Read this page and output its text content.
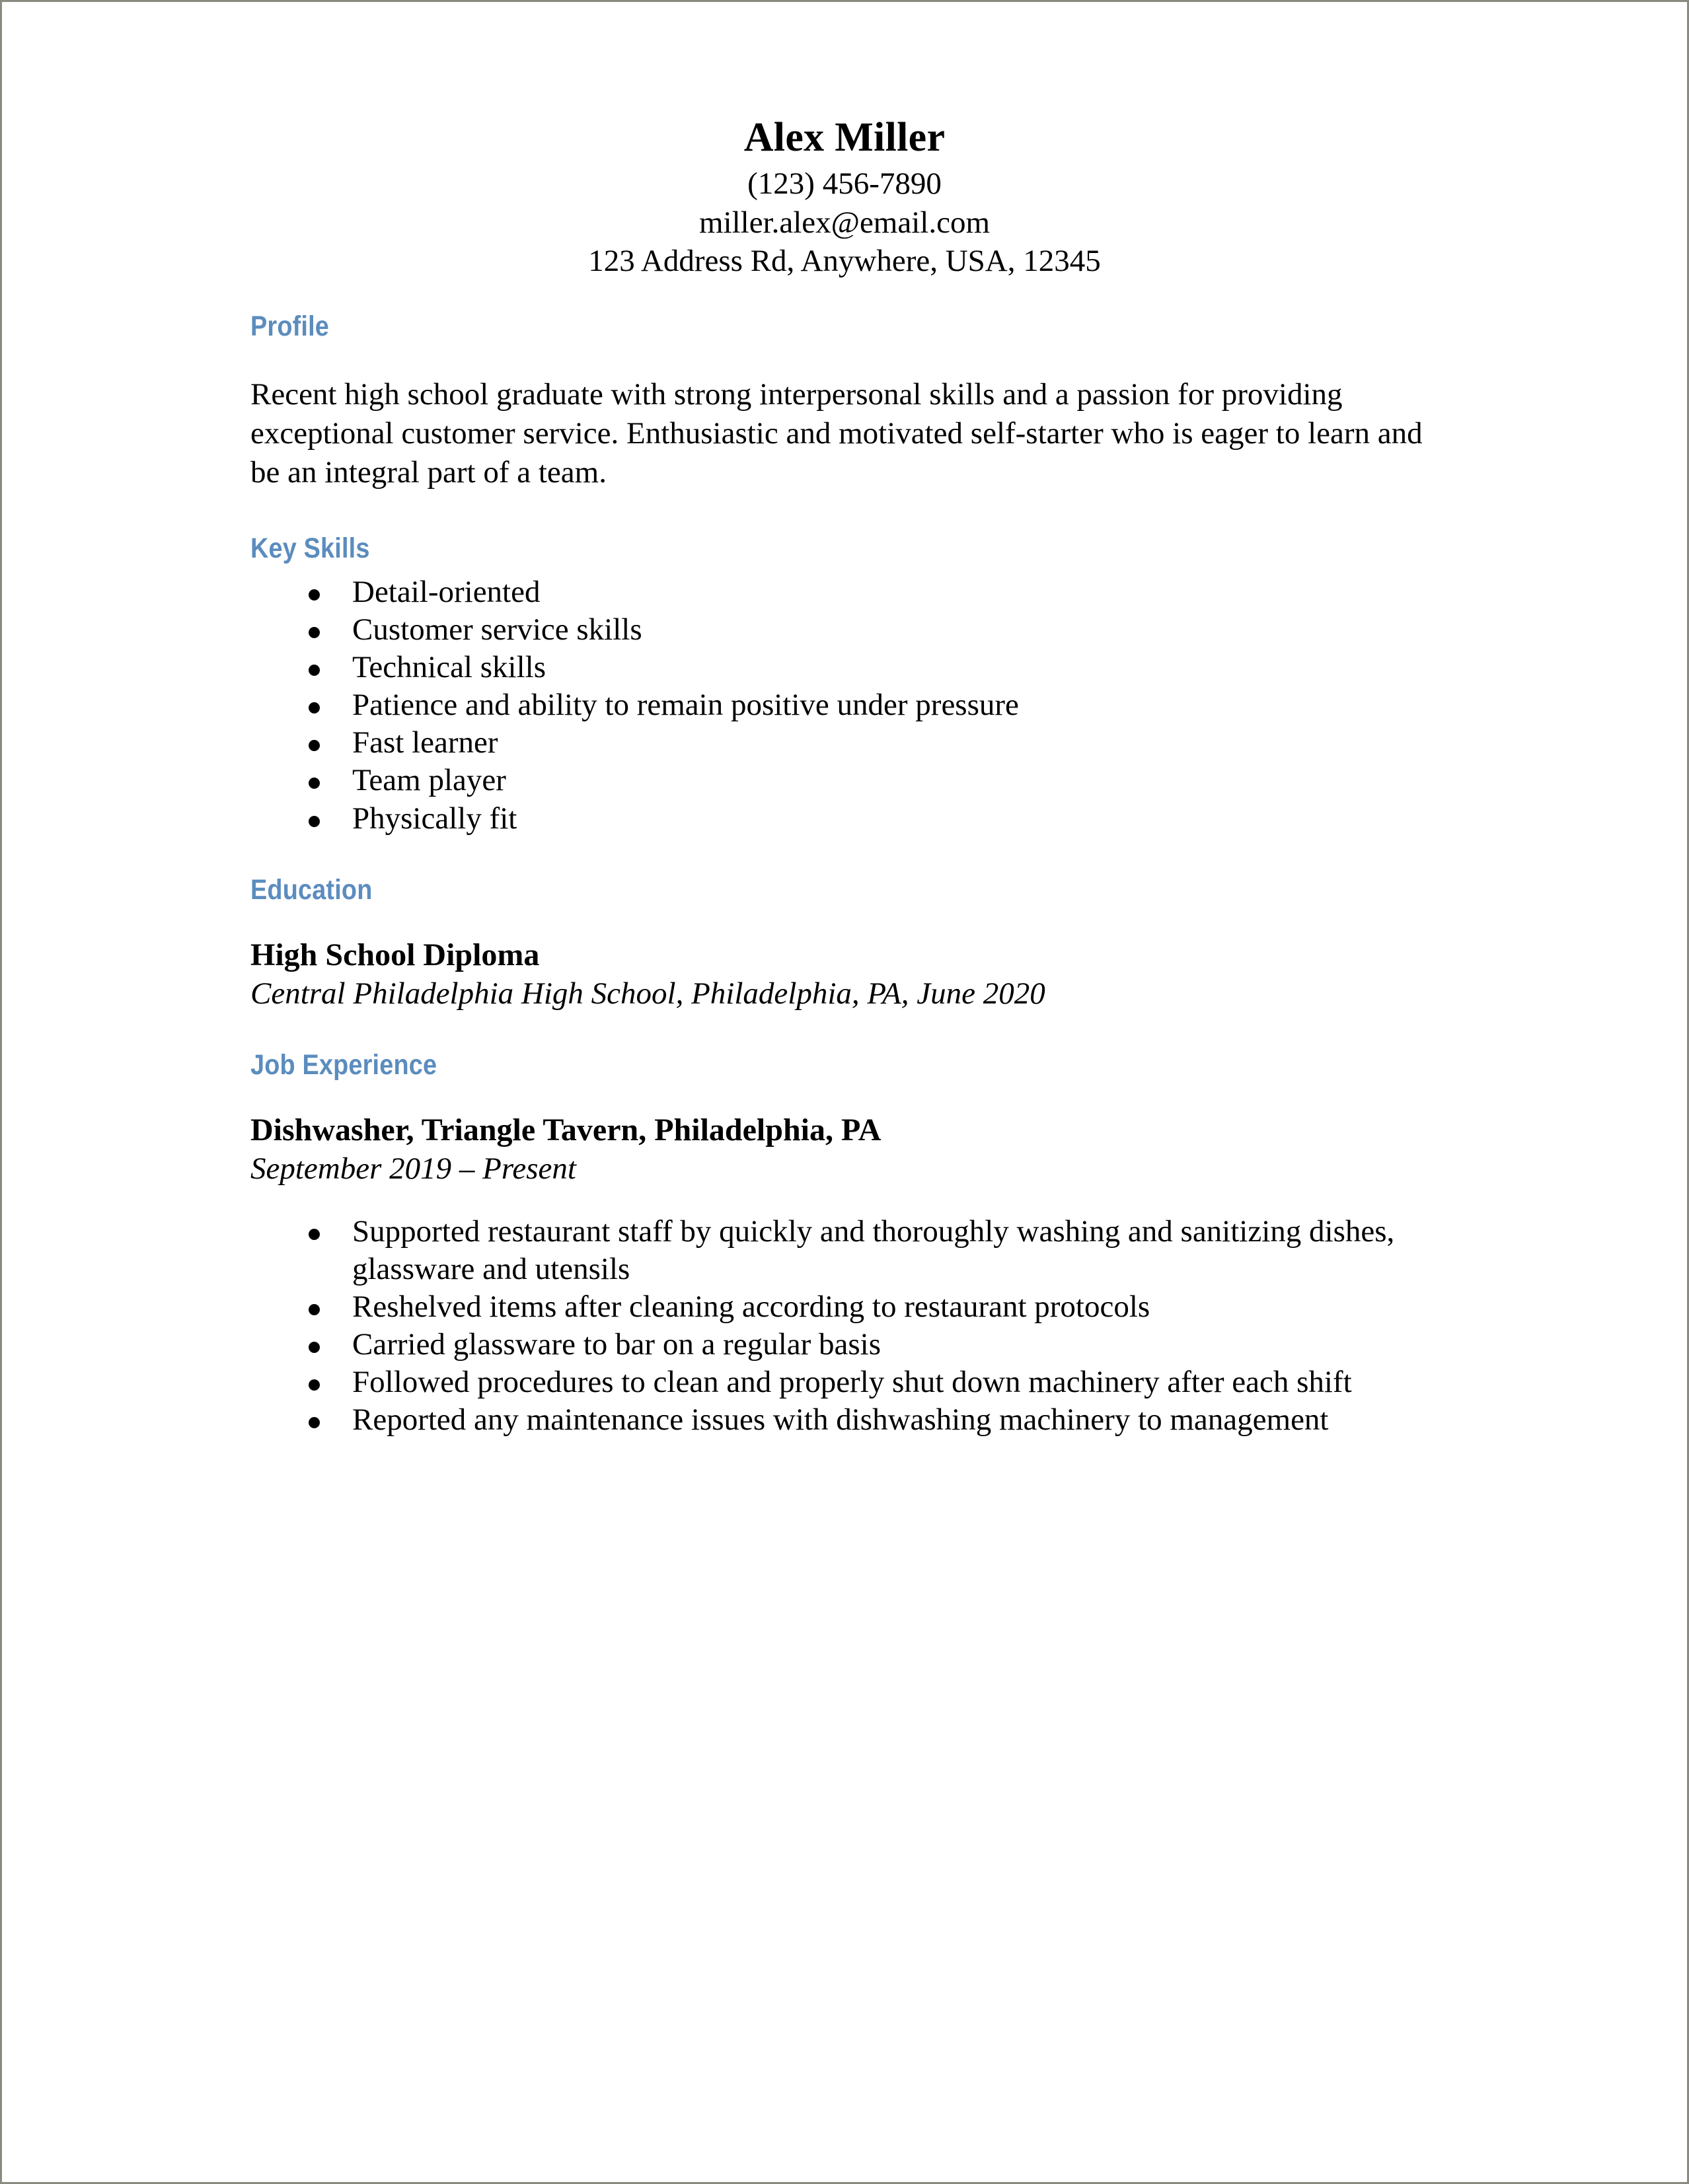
Alex Miller
(123) 456-7890
miller.alex@email.com
123 Address Rd, Anywhere, USA, 12345
Profile

Recent high school graduate with strong interpersonal skills and a passion for providing exceptional customer service. Enthusiastic and motivated self-starter who is eager to learn and be an integral part of a team.

Key Skills
Detail-oriented
Customer service skills
Technical skills
Patience and ability to remain positive under pressure
Fast learner
Team player
Physically fit
Education
High School Diploma
Central Philadelphia High School, Philadelphia, PA, June 2020
Job Experience
Dishwasher, Triangle Tavern, Philadelphia, PA
September 2019 – Present
Supported restaurant staff by quickly and thoroughly washing and sanitizing dishes, glassware and utensils
Reshelved items after cleaning according to restaurant protocols
Carried glassware to bar on a regular basis
Followed procedures to clean and properly shut down machinery after each shift
Reported any maintenance issues with dishwashing machinery to management
